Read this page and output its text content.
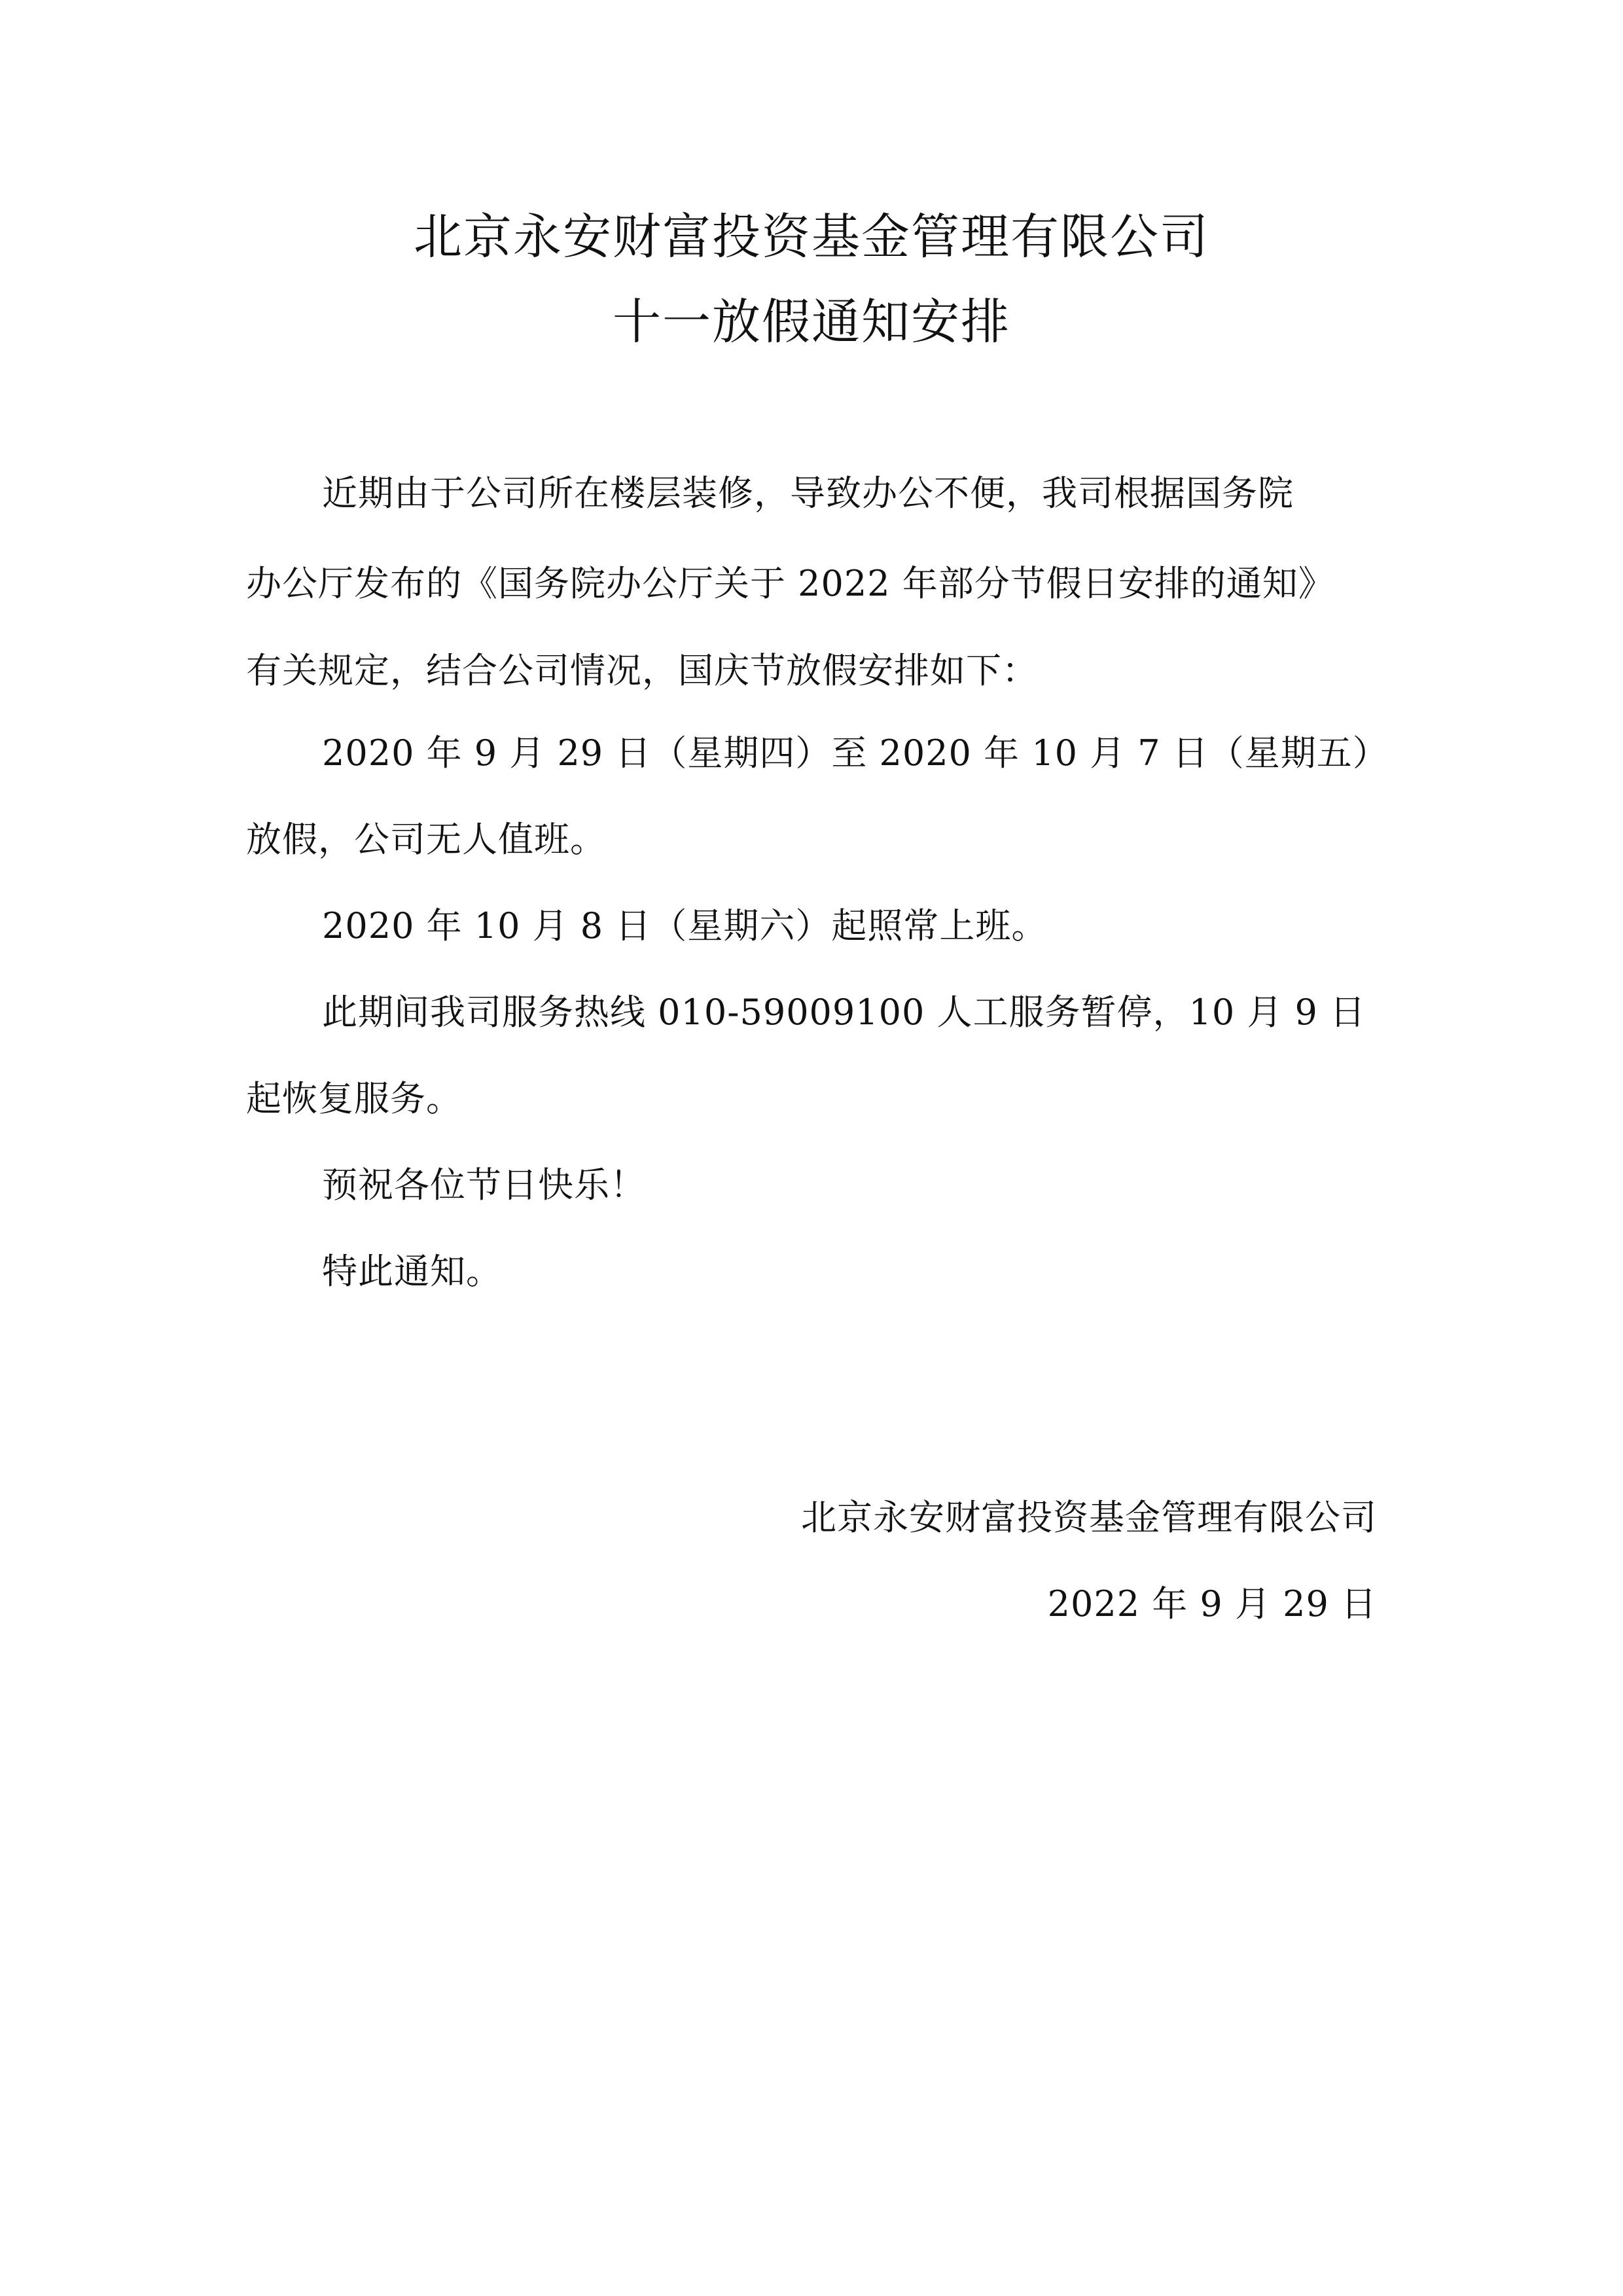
北京永安财富投资基金管理有限公司
十一放假通知安排
近期由于公司所在楼层装修，导致办公不便，我司根据国务院
办公厅发布的《国务院办公厅关于 2022 年部分节假日安排的通知》
有关规定，结合公司情况，国庆节放假安排如下：
2020 年 9 月 29 日（星期四）至 2020 年 10 月 7 日（星期五）
放假，公司无人值班。
2020 年 10 月 8 日（星期六）起照常上班。
此期间我司服务热线 010-59009100 人工服务暂停，10 月 9 日
起恢复服务。
预祝各位节日快乐！
特此通知。
北京永安财富投资基金管理有限公司
2022 年 9 月 29 日
